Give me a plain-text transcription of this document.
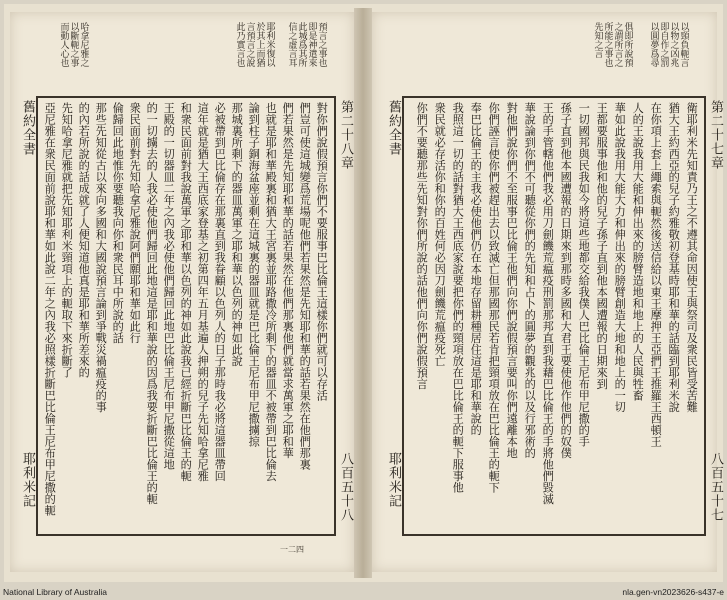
以頸負軛言
以物之凶兆
即自作之罰
以圓夢爲尋
俱即所說預
之謂所言之
所能之事也
先知之言
第二十七章
八百五十七
舊約全書
耶利米記
衛耶利米先知責乃王之不遵其命因使王與祭司及衆民皆受苦難
猶大王約西亞的兒子約雅敬初登基時耶和華的話臨到耶利米說
在你項上套上繩索與軛然後送信給以東王摩押王亞捫王推羅王西頓王
人的王說我用大能和伸出來的膀臂造地和地上的人民與牲畜
華如此說我用大能大力和伸出來的膀臂創造大地和地上的一切
王都要服事他和他的兒子孫子直到他本國遭報的日期來到
一切國邦與民我如今將這些地都交給我僕人巴比倫王尼布甲尼撒的手
孫子直到他本國遭報的日期來到那時多國和大君王要使他作他們的奴僕
王的手管轄他們我必用刀劍饑荒瘟疫刑罰那邦直到我藉巴比倫王的手將他們毀滅
華說論到你們不可聽從你們的先知和占卜的圓夢的觀兆的以及行邪術的
對他們說你們不至服事巴比倫王他們向你們說假預言要叫你們遠離本地
你們誣言使你們被趕出去以致滅亡但那國那民若肯把頸項放在巴比倫王的軛下
奉巴比倫王的主我必使他們仍在本地存留耕種居住這是耶和華說的
我照這一切的話對猶大王西底家說要把你們的頸項放在巴比倫王的軛下服事他
衆民就必存活你和你的百姓何必因刀劍饑荒瘟疫死亡
你們不要聽那些先知對你們所說的話他們向你們說假預言
預言之事也
即是神遣來
此城爲其所
信之虛言耳
耶利米復以
於其上而猶
言預言之說
此乃實言也
哈拿尼雅之
以斷軛之事
而動人心也
第二十八章
八百五十八
舊約全書
耶利米記
一二四
對你們說假預言你們不要服事巴比倫王這樣你們就可以存活
們豈可使這城變爲荒場呢他們若果然是先知耶和華的話若果然在他們那裏
們若果然是先知耶和華的話若果然在他們那裏他們就當求萬軍之耶和華
也就是耶和華殿裏和猶大王宮裏並耶路撒冷所剩下的器皿不被帶到巴比倫去
論到柱子銅海盆座並剩在這城裏的器皿就是巴比倫王尼布甲尼撒擄掠
那城裏所剩下的器皿萬軍之耶和華以色列的神如此說
必被帶到巴比倫存在那裏直到我眷顧以色列人的日子那時我必將這器皿帶回
這年就是猶大王西底家登基之初第四年五月基遍人押朔的兒子先知哈拿尼雅
和衆民面前對我說萬軍之耶和華以色列的神如此說我已經折斷巴比倫王的軛
王殿的一切器皿二年之內我必使他們歸回此地巴比倫王尼布甲尼撒從這地
的一切擄去的人我必使他們歸回此地這是耶和華說的因爲我要折斷巴比倫王的軛
衆民面前對先知哈拿尼雅說阿們願耶和華如此行
倫歸回此地惟你要聽我向你和衆民耳中所說的話
那些先知從古以來向多國和大國說預言論到爭戰災禍瘟疫的事
的內若所說的話成就了人便知道他真是耶和華所差來的
先知哈拿尼雅就把先知耶利米頸項上的軛取下來折斷了
亞尼雅在衆民面前說耶和華如此說二年之內我必照樣折斷巴比倫王尼布甲尼撒的軛
National Library of Australia	nla.gen-vn2023626-s437-e
